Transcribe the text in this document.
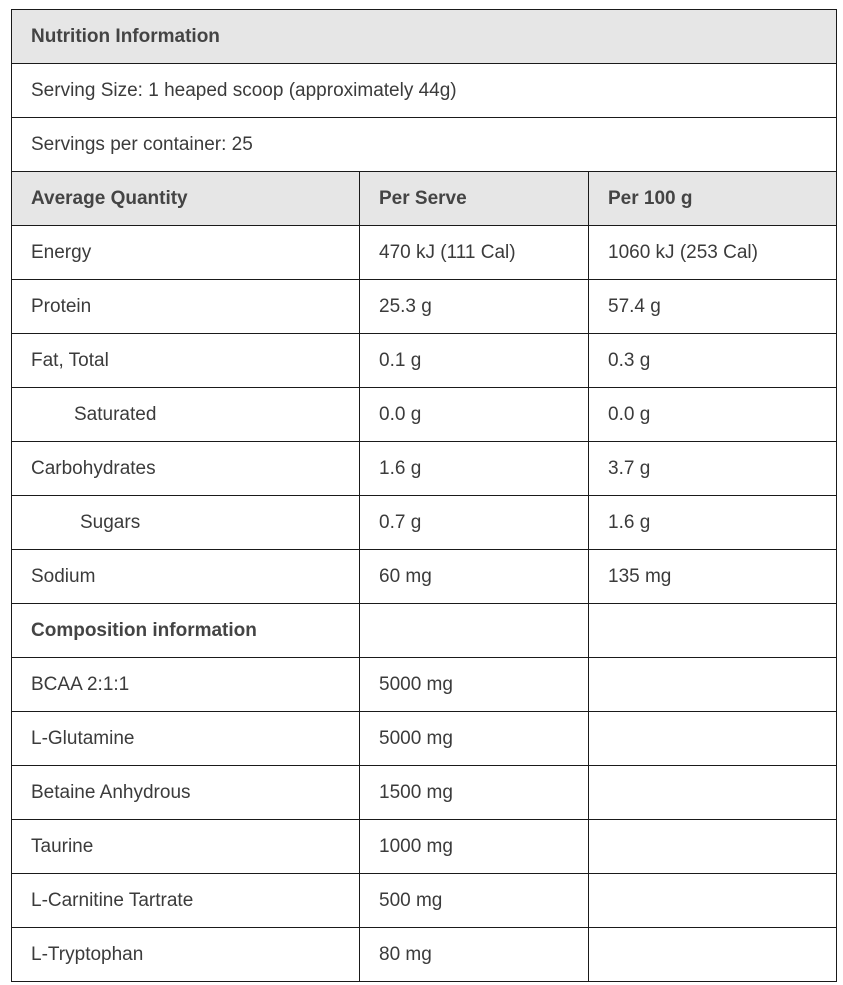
Nutrition Information		
Serving Size: 1 heaped scoop (approximately 44g)		
Servings per container: 25		
Average Quantity	Per Serve	Per 100 g
Energy	470 kJ (111 Cal)	1060 kJ (253 Cal)
Protein	25.3 g	57.4 g
Fat, Total	0.1 g	0.3 g
Saturated	0.0 g	0.0 g
Carbohydrates	1.6 g	3.7 g
Sugars	0.7 g	1.6 g
Sodium	60 mg	135 mg
Composition information		
BCAA 2:1:1	5000 mg	
L-Glutamine	5000 mg	
Betaine Anhydrous	1500 mg	
Taurine	1000 mg	
L-Carnitine Tartrate	500 mg	
L-Tryptophan	80 mg	
